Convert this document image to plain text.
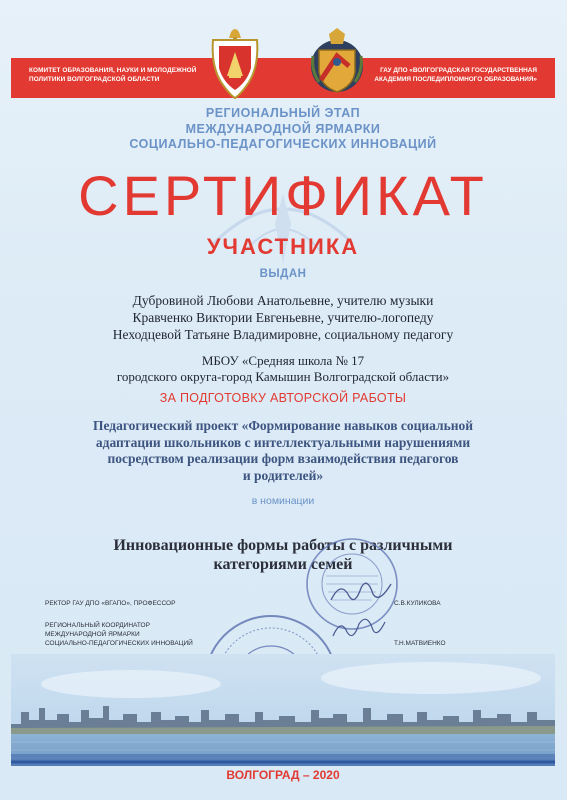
КОМИТЕТ ОБРАЗОВАНИЯ, НАУКИ И МОЛОДЕЖНОЙ ПОЛИТИКИ ВОЛГОГРАДСКОЙ ОБЛАСТИ
ГАУ ДПО «ВОЛГОГРАДСКАЯ ГОСУДАРСТВЕННАЯ АКАДЕМИЯ ПОСЛЕДИПЛОМНОГО ОБРАЗОВАНИЯ»
РЕГИОНАЛЬНЫЙ ЭТАП
МЕЖДУНАРОДНОЙ ЯРМАРКИ
СОЦИАЛЬНО-ПЕДАГОГИЧЕСКИХ ИННОВАЦИЙ
СЕРТИФИКАТ
УЧАСТНИКА
ВЫДАН
Дубровиной Любови Анатольевне, учителю музыки
Кравченко Виктории Евгеньевне, учителю-логопеду
Неходцевой Татьяне Владимировне, социальному педагогу
МБОУ «Средняя школа № 17
городского округа-город Камышин Волгоградской области»
ЗА ПОДГОТОВКУ АВТОРСКОЙ РАБОТЫ
Педагогический проект «Формирование навыков социальной
адаптации школьников с интеллектуальными нарушениями
посредством реализации форм взаимодействия педагогов
и родителей»
в номинации
Инновационные формы работы с различными
категориями семей
РЕКТОР ГАУ ДПО «ВГАПО», ПРОФЕССОР	С.В.КУЛИКОВА
РЕГИОНАЛЬНЫЙ КООРДИНАТОР
МЕЖДУНАРОДНОЙ ЯРМАРКИ
СОЦИАЛЬНО-ПЕДАГОГИЧЕСКИХ ИННОВАЦИЙ	Т.Н.МАТВИЕНКО
ВОЛГОГРАД – 2020
